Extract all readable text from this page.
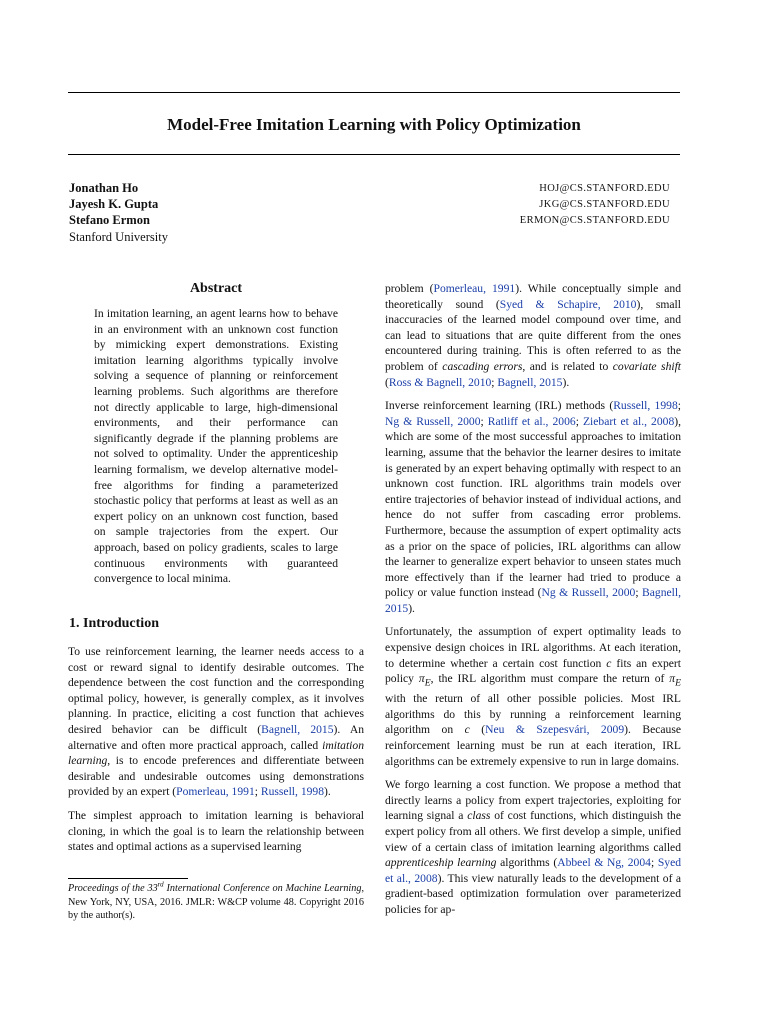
Model-Free Imitation Learning with Policy Optimization
Jonathan Ho
Jayesh K. Gupta
Stefano Ermon
HOJ@CS.STANFORD.EDU
JKG@CS.STANFORD.EDU
ERMON@CS.STANFORD.EDU
Stanford University
Abstract

In imitation learning, an agent learns how to behave in an environment with an unknown cost function by mimicking expert demonstrations. Existing imitation learning algorithms typically involve solving a sequence of planning or reinforcement learning problems. Such algorithms are therefore not directly applicable to large, high-dimensional environments, and their performance can significantly degrade if the planning problems are not solved to optimality. Under the apprenticeship learning formalism, we develop alternative model-free algorithms for finding a parameterized stochastic policy that performs at least as well as an expert policy on an unknown cost function, based on sample trajectories from the expert. Our approach, based on policy gradients, scales to large continuous environments with guaranteed convergence to local minima.

1. Introduction

To use reinforcement learning, the learner needs access to a cost or reward signal to identify desirable outcomes. The dependence between the cost function and the corresponding optimal policy, however, is generally complex, as it involves planning. In practice, eliciting a cost function that achieves desired behavior can be difficult (Bagnell, 2015). An alternative and often more practical approach, called imitation learning, is to encode preferences and differentiate between desirable and undesirable outcomes using demonstrations provided by an expert (Pomerleau, 1991; Russell, 1998).

The simplest approach to imitation learning is behavioral cloning, in which the goal is to learn the relationship between states and optimal actions as a supervised learning

Proceedings of the 33rd International Conference on Machine Learning, New York, NY, USA, 2016. JMLR: W&CP volume 48. Copyright 2016 by the author(s).

problem (Pomerleau, 1991). While conceptually simple and theoretically sound (Syed & Schapire, 2010), small inaccuracies of the learned model compound over time, and can lead to situations that are quite different from the ones encountered during training. This is often referred to as the problem of cascading errors, and is related to covariate shift (Ross & Bagnell, 2010; Bagnell, 2015).

Inverse reinforcement learning (IRL) methods (Russell, 1998; Ng & Russell, 2000; Ratliff et al., 2006; Ziebart et al., 2008), which are some of the most successful approaches to imitation learning, assume that the behavior the learner desires to imitate is generated by an expert behaving optimally with respect to an unknown cost function. IRL algorithms train models over entire trajectories of behavior instead of individual actions, and hence do not suffer from cascading error problems. Furthermore, because the assumption of expert optimality acts as a prior on the space of policies, IRL algorithms can allow the learner to generalize expert behavior to unseen states much more effectively than if the learner had tried to produce a policy or value function instead (Ng & Russell, 2000; Bagnell, 2015).

Unfortunately, the assumption of expert optimality leads to expensive design choices in IRL algorithms. At each iteration, to determine whether a certain cost function c fits an expert policy $\pi_E$, the IRL algorithm must compare the return of $\pi_E$ with the return of all other possible policies. Most IRL algorithms do this by running a reinforcement learning algorithm on c (Neu & Szepesvári, 2009). Because reinforcement learning must be run at each iteration, IRL algorithms can be extremely expensive to run in large domains.

We forgo learning a cost function. We propose a method that directly learns a policy from expert trajectories, exploiting for learning signal a class of cost functions, which distinguish the expert policy from all others. We first develop a simple, unified view of a certain class of imitation learning algorithms called apprenticeship learning algorithms (Abbeel & Ng, 2004; Syed et al., 2008). This view naturally leads to the development of a gradient-based optimization formulation over parameterized policies for ap-
